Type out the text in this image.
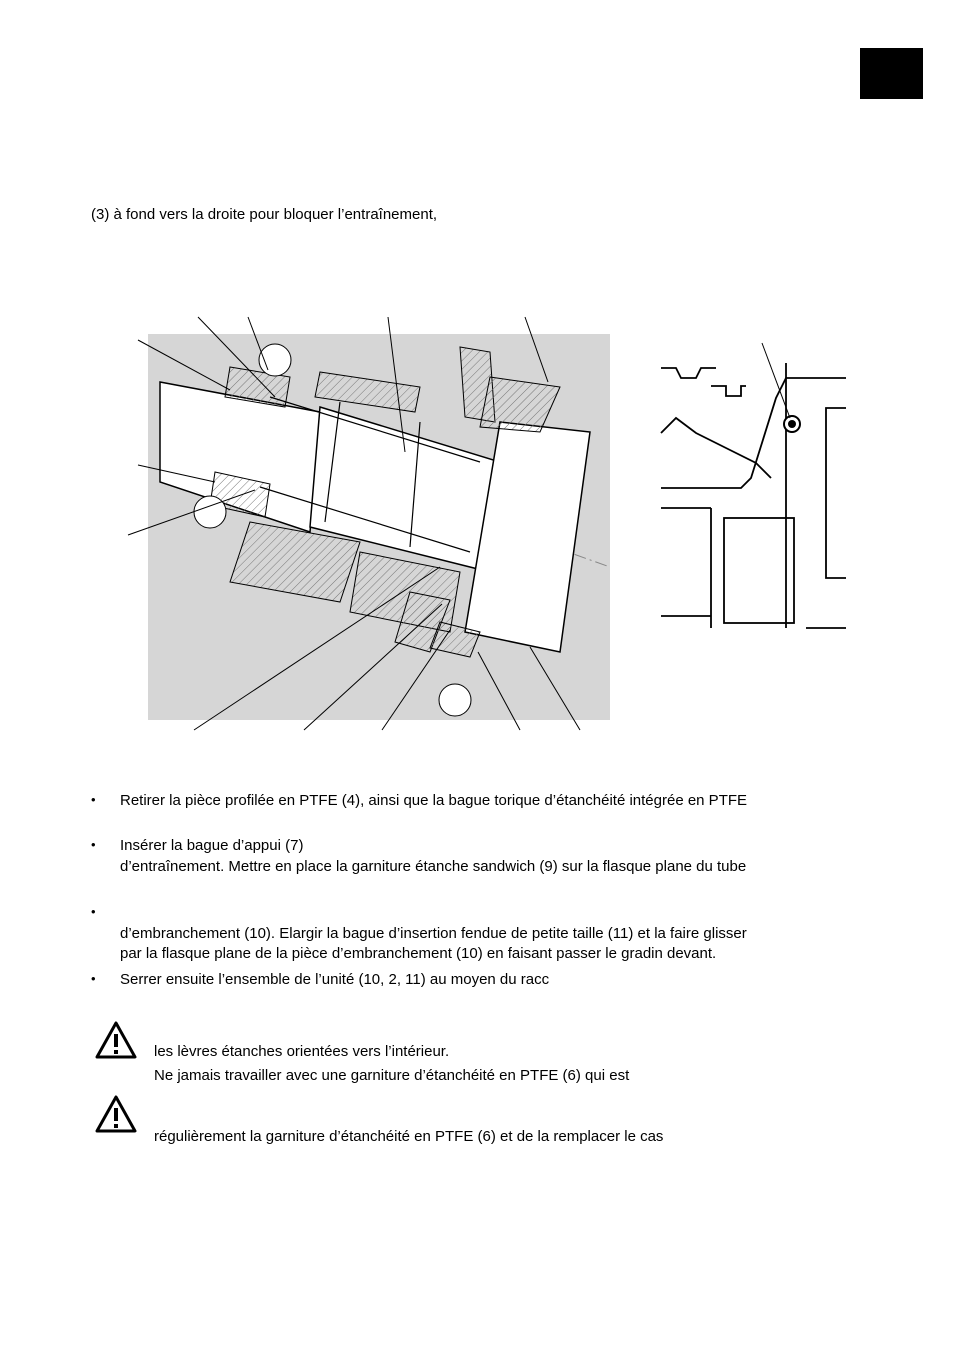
(3) à fond vers la droite pour bloquer l’entraînement,
• Retirer la pièce profilée en PTFE (4), ainsi que la bague torique d’étanchéité intégrée en PTFE
• Insérer la bague d’appui (7)
d’entraînement. Mettre en place la garniture étanche sandwich (9) sur la flasque plane du tube
•
d’embranchement (10). Elargir la bague d’insertion fendue de petite taille (11) et la faire glisser
par la flasque plane de la pièce d’embranchement (10) en faisant passer le gradin devant.
• Serrer ensuite l’ensemble de l’unité (10, 2, 11) au moyen du racc
les lèvres étanches orientées vers l’intérieur.
Ne jamais travailler avec une garniture d’étanchéité en PTFE (6) qui est
régulièrement la garniture d’étanchéité en PTFE (6) et de la remplacer le cas
